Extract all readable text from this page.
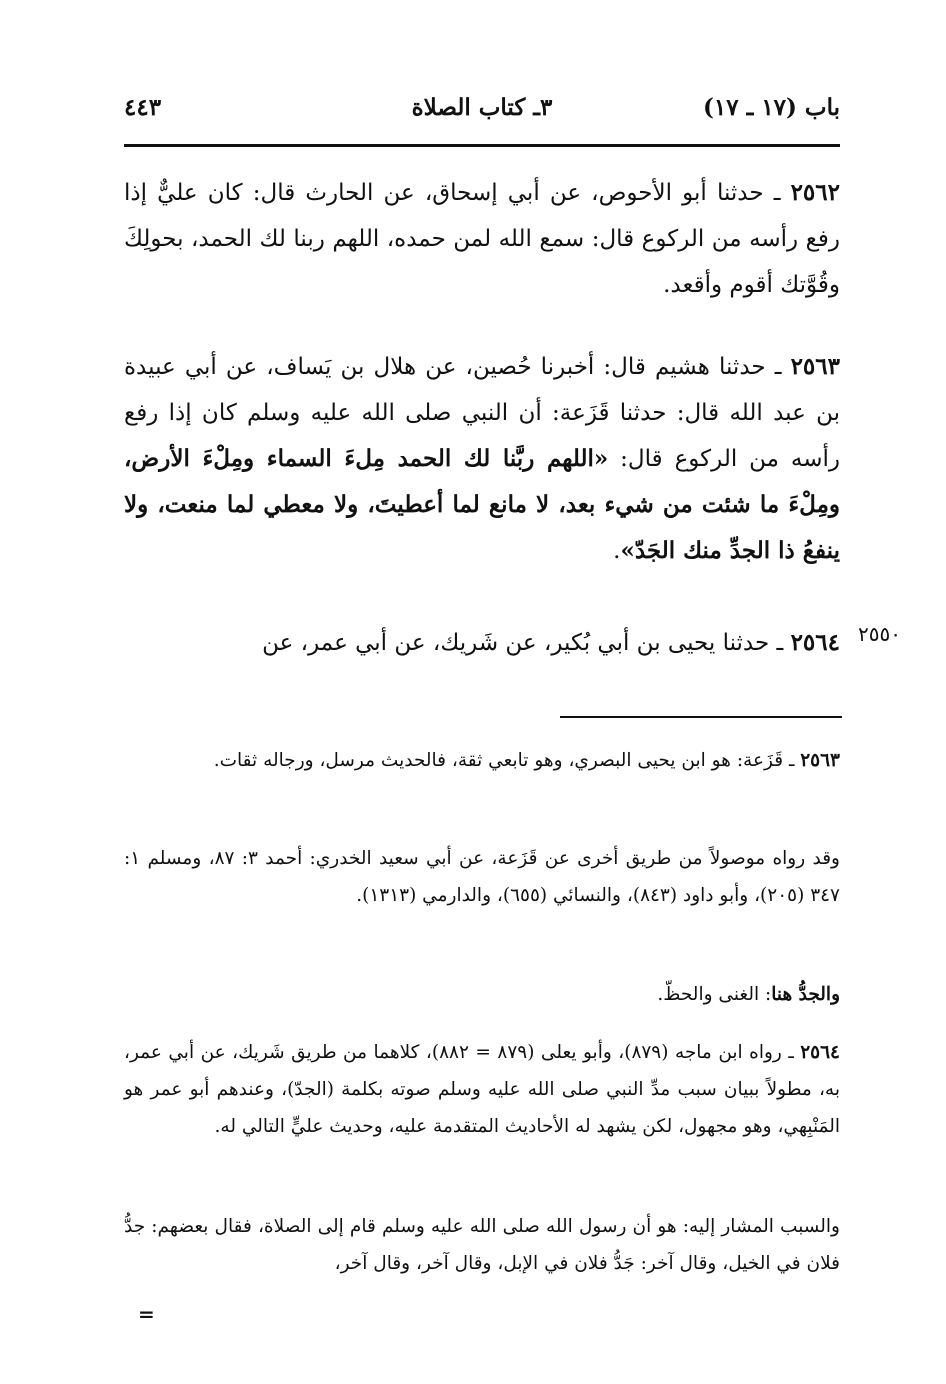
باب (١٧ ـ ١٧)
٣ـ كتاب الصلاة
٤٤٣

٢٥٦٢ ـ حدثنا أبو الأحوص، عن أبي إسحاق، عن الحارث قال: كان عليٌّ إذا رفع رأسه من الركوع قال: سمع الله لمن حمده، اللهم ربنا لك الحمد، بحولِكَ وقُوَّتك أقوم وأقعد.

٢٥٦٣ ـ حدثنا هشيم قال: أخبرنا حُصين، عن هلال بن يَساف، عن أبي عبيدة بن عبد الله قال: حدثنا قَزَعة: أن النبي صلى الله عليه وسلم كان إذا رفع رأسه من الركوع قال: «اللهم ربَّنا لك الحمد مِلءَ السماء ومِلْءَ الأرض، ومِلْءَ ما شئت من شيء بعد، لا مانع لما أعطيتَ، ولا معطي لما منعت، ولا ينفعُ ذا الجدِّ منك الجَدّ».

٢٥٦٤ ـ حدثنا يحيى بن أبي بُكير، عن شَريك، عن أبي عمر، عن	٢٥٥٠

٢٥٦٣ ـ قَزَعة: هو ابن يحيى البصري، وهو تابعي ثقة، فالحديث مرسل، ورجاله ثقات.

وقد رواه موصولاً من طريق أخرى عن قَزَعة، عن أبي سعيد الخدري: أحمد ٣: ٨٧، ومسلم ١: ٣٤٧ (٢٠٥)، وأبو داود (٨٤٣)، والنسائي (٦٥٥)، والدارمي (١٣١٣).

والجدُّ هنا: الغنى والحظّ.

٢٥٦٤ ـ رواه ابن ماجه (٨٧٩)، وأبو يعلى (٨٧٩ = ٨٨٢)، كلاهما من طريق شَريك، عن أبي عمر، به، مطولاً ببيان سبب مدِّ النبي صلى الله عليه وسلم صوته بكلمة (الجدّ)، وعندهم أبو عمر هو المَنْبِهي، وهو مجهول، لكن يشهد له الأحاديث المتقدمة عليه، وحديث عليٍّ التالي له.

والسبب المشار إليه: هو أن رسول الله صلى الله عليه وسلم قام إلى الصلاة، فقال بعضهم: جدُّ فلان في الخيل، وقال آخر: جَدُّ فلان في الإبل، وقال آخر، وقال آخر،

=
